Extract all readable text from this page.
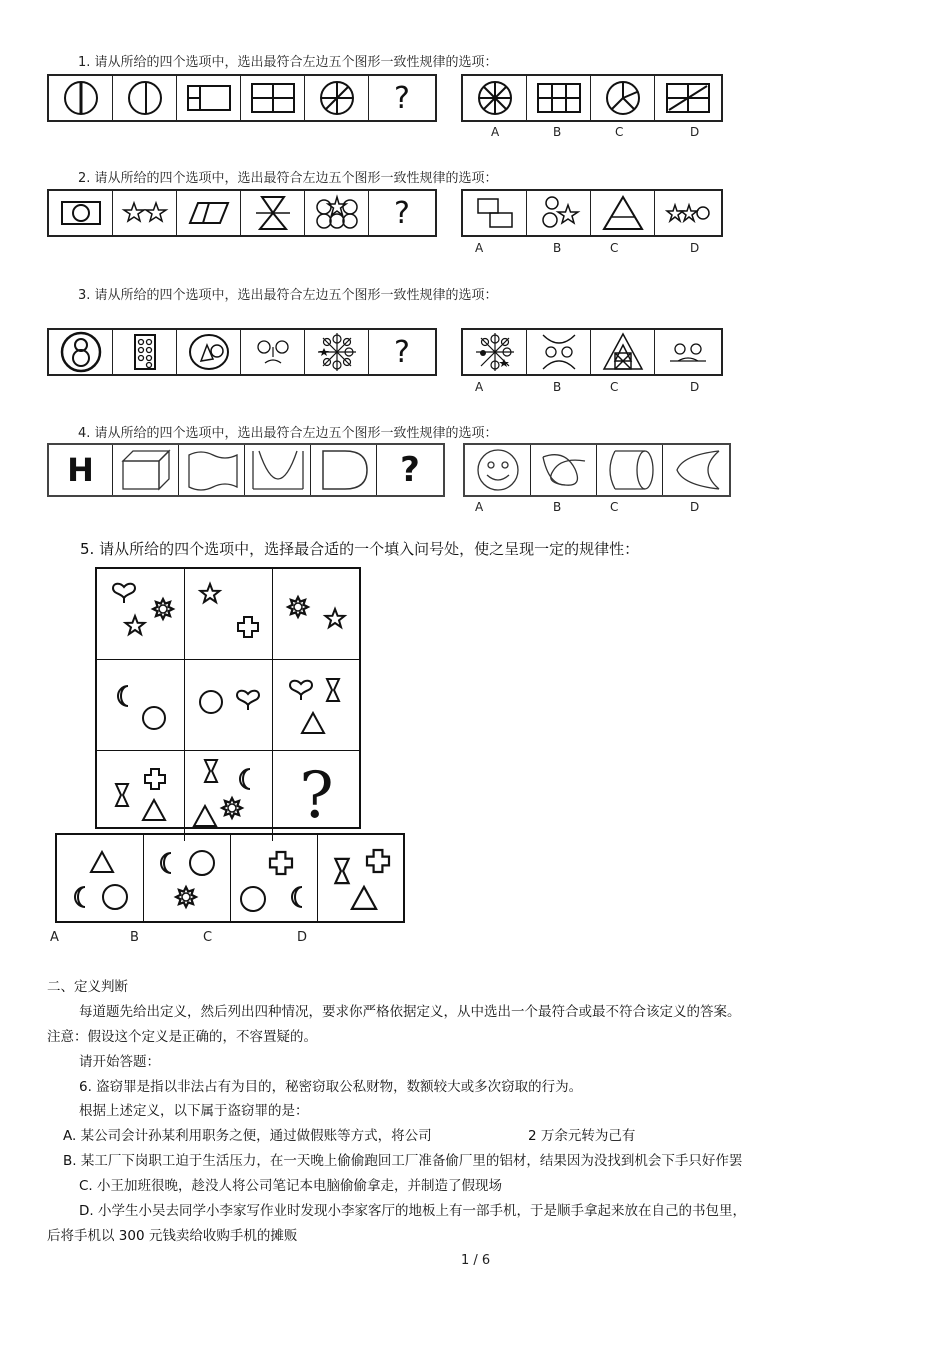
1. 请从所给的四个选项中，选出最符合左边五个图形一致性规律的选项：
?
A	B	C	D
2. 请从所给的四个选项中，选出最符合左边五个图形一致性规律的选项：
?
A	B	C	D
3. 请从所给的四个选项中，选出最符合左边五个图形一致性规律的选项：
?
A	B	C	D
4. 请从所给的四个选项中，选出最符合左边五个图形一致性规律的选项：
H	?
A	B	C	D
5. 请从所给的四个选项中，选择最合适的一个填入问号处，使之呈现一定的规律性：
?
A	B	C	D
二、定义判断
每道题先给出定义，然后列出四种情况，要求你严格依据定义，从中选出一个最符合或最不符合该定义的答案。
注意：假设这个定义是正确的，不容置疑的。
请开始答题：
6. 盗窃罪是指以非法占有为目的，秘密窃取公私财物，数额较大或多次窃取的行为。
根据上述定义，以下属于盗窃罪的是：
A. 某公司会计孙某利用职务之便，通过做假账等方式，将公司	2 万余元转为己有
B. 某工厂下岗职工迫于生活压力，在一天晚上偷偷跑回工厂准备偷厂里的铝材，结果因为没找到机会下手只好作罢
C. 小王加班很晚，趁没人将公司笔记本电脑偷偷拿走，并制造了假现场
D. 小学生小吴去同学小李家写作业时发现小李家客厅的地板上有一部手机，于是顺手拿起来放在自己的书包里，
后将手机以 300 元钱卖给收购手机的摊贩
1 / 6
